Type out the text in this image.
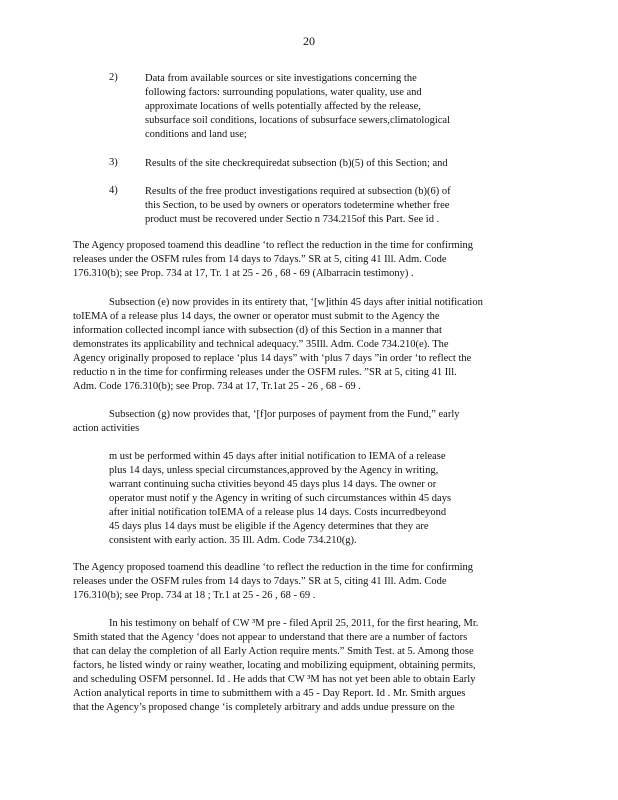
20
2)	Data from available sources or site investigations concerning the
following factors: surrounding populations, water quality, use and
approximate locations of wells potentially affected by the release,
subsurface soil conditions, locations of subsurface sewers,climatological
conditions and land use;
3)	Results of the site checkrequiredat subsection (b)(5) of this Section; and
4)	Results of the free product investigations required at subsection (b)(6) of
this Section, to be used by owners or operators todetermine whether free
product must be recovered under Sectio n 734.215of this Part. See id .
The Agency proposed toamend this deadline ‘to reflect the reduction in the time for confirming
releases under the OSFM rules from 14 days to 7days.” SR at 5, citing 41 Ill. Adm. Code
176.310(b); see Prop. 734 at 17, Tr. 1 at 25 - 26 , 68 - 69 (Albarracin testimony) .
Subsection (e) now provides in its entirety that, ‘[w]ithin 45 days after initial notification
toIEMA of a release plus 14 days, the owner or operator must submit to the Agency the
information collected incompl iance with subsection (d) of this Section in a manner that
demonstrates its applicability and technical adequacy.” 35Ill. Adm. Code 734.210(e). The
Agency originally proposed to replace ‘plus 14 days” with ‘plus 7 days ”in order ‘to reflect the
reductio n in the time for confirming releases under the OSFM rules. ”SR at 5, citing 41 Ill.
Adm. Code 176.310(b); see Prop. 734 at 17, Tr.1at 25 - 26 , 68 - 69 .
Subsection (g) now provides that, ‘[f]or purposes of payment from the Fund,” early
action activities
m ust be performed within 45 days after initial notification to IEMA of a release
plus 14 days, unless special circumstances,approved by the Agency in writing,
warrant continuing sucha ctivities beyond 45 days plus 14 days. The owner or
operator must notif y the Agency in writing of such circumstances within 45 days
after initial notification toIEMA of a release plus 14 days. Costs incurredbeyond
45 days plus 14 days must be eligible if the Agency determines that they are
consistent with early action. 35 Ill. Adm. Code 734.210(g).
The Agency proposed toamend this deadline ‘to reflect the reduction in the time for confirming
releases under the OSFM rules from 14 days to 7days.” SR at 5, citing 41 Ill. Adm. Code
176.310(b); see Prop. 734 at 18 ; Tr.1 at 25 - 26 , 68 - 69 .
In his testimony on behalf of CW ³M pre - filed April 25, 2011, for the first hearing, Mr.
Smith stated that the Agency ‘does not appear to understand that there are a number of factors
that can delay the completion of all Early Action require ments.” Smith Test. at 5. Among those
factors, he listed windy or rainy weather, locating and mobilizing equipment, obtaining permits,
and scheduling OSFM personnel. Id . He adds that CW ³M has not yet been able to obtain Early
Action analytical reports in time to submitthem with a 45 - Day Report. Id . Mr. Smith argues
that the Agency’s proposed change ‘is completely arbitrary and adds undue pressure on the
